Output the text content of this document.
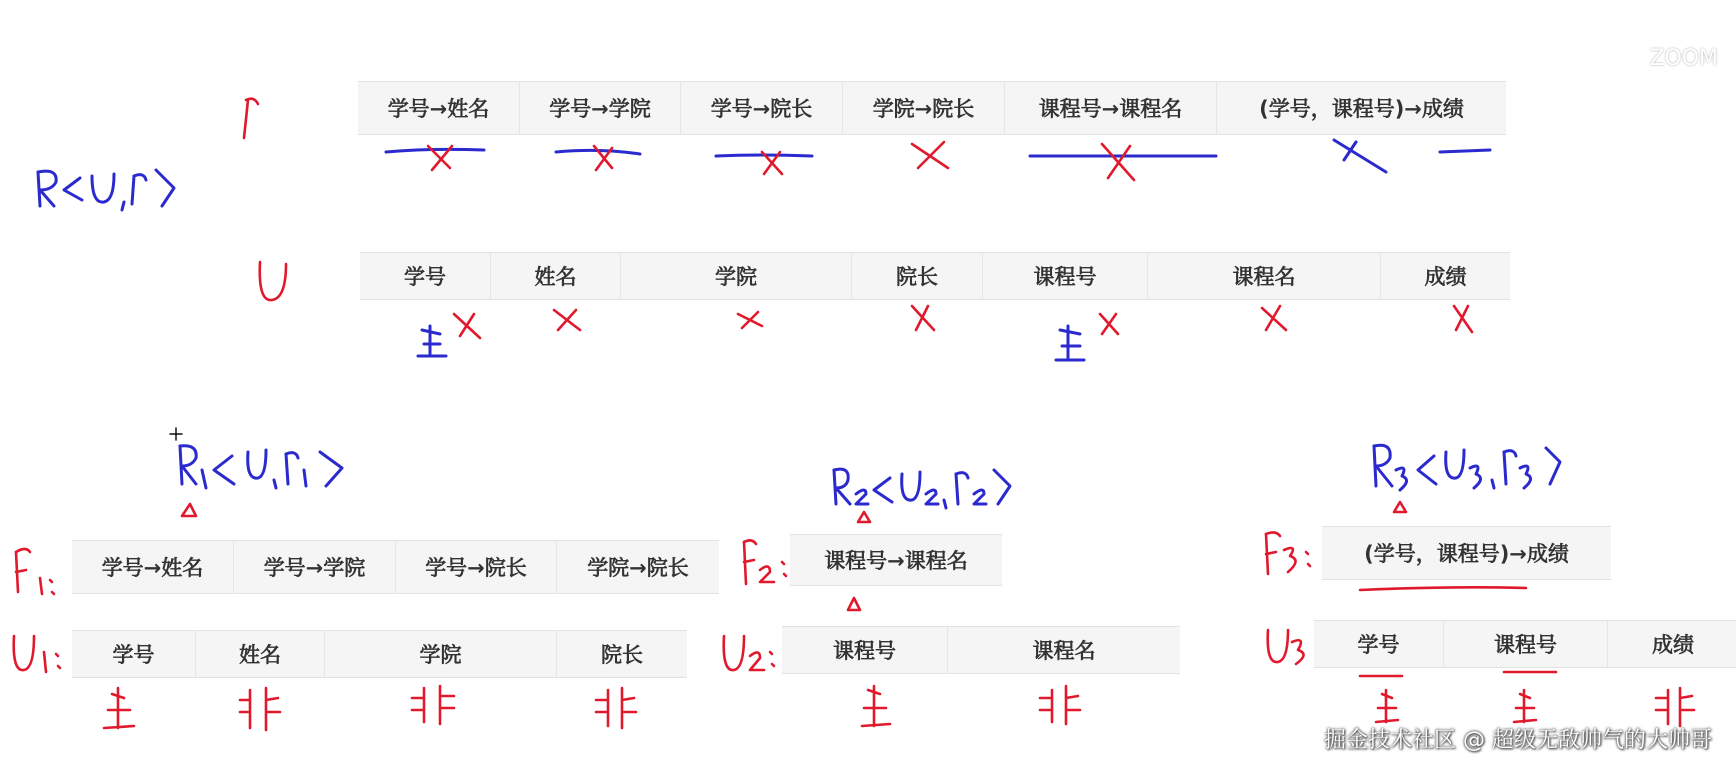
学号→姓名	学号→学院	学号→院长	学院→院长	课程号→课程名	(学号，课程号)→成绩
学号	姓名	学院	院长	课程号	课程名	成绩
学号→姓名	学号→学院	学号→院长	学院→院长
学号	姓名	学院	院长
课程号→课程名
课程号	课程名
(学号，课程号)→成绩
学号	课程号	成绩
ZOOM
掘金技术社区 @ 超级无敌帅气的大帅哥
